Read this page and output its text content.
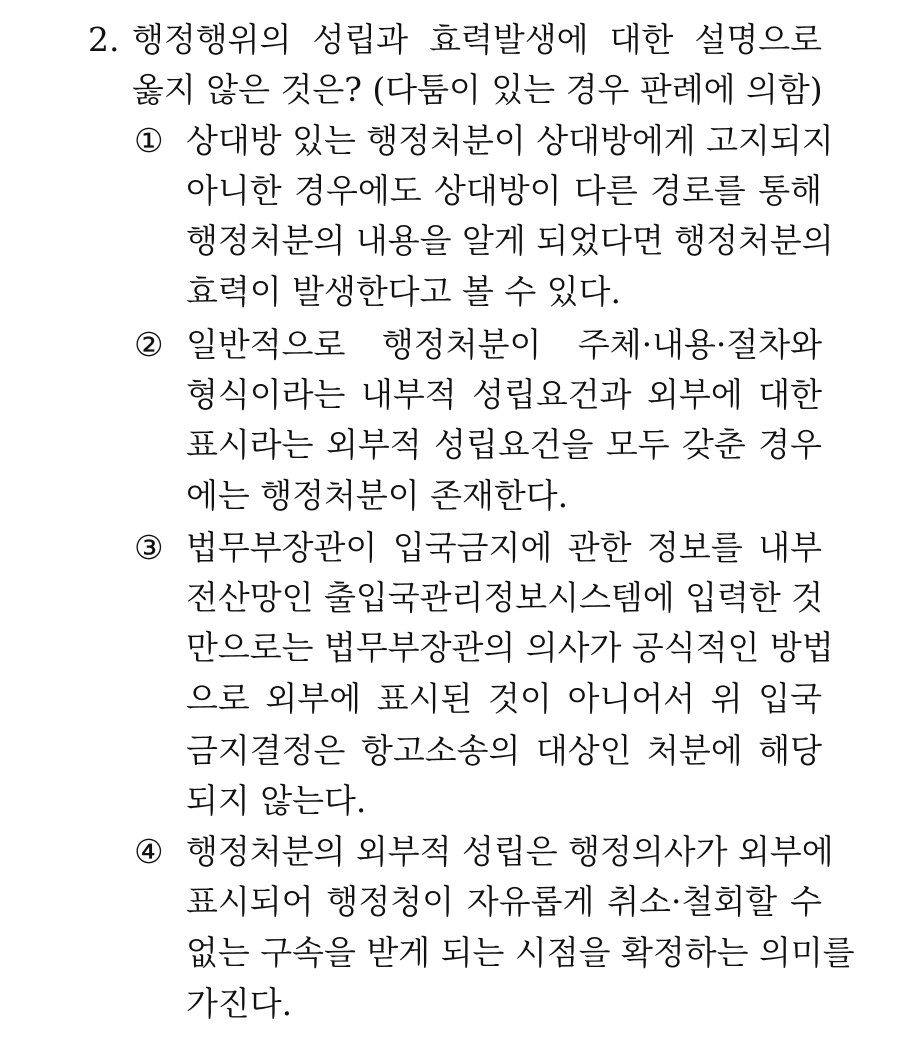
2. 행정행위의 성립과 효력발생에 대한 설명으로
옳지 않은 것은? (다툼이 있는 경우 판례에 의함)
① 상대방 있는 행정처분이 상대방에게 고지되지
아니한 경우에도 상대방이 다른 경로를 통해
행정처분의 내용을 알게 되었다면 행정처분의
효력이 발생한다고 볼 수 있다.
② 일반적으로 행정처분이 주체·내용·절차와
형식이라는 내부적 성립요건과 외부에 대한
표시라는 외부적 성립요건을 모두 갖춘 경우
에는 행정처분이 존재한다.
③ 법무부장관이 입국금지에 관한 정보를 내부
전산망인 출입국관리정보시스템에 입력한 것
만으로는 법무부장관의 의사가 공식적인 방법
으로 외부에 표시된 것이 아니어서 위 입국
금지결정은 항고소송의 대상인 처분에 해당
되지 않는다.
④ 행정처분의 외부적 성립은 행정의사가 외부에
표시되어 행정청이 자유롭게 취소·철회할 수
없는 구속을 받게 되는 시점을 확정하는 의미를
가진다.
